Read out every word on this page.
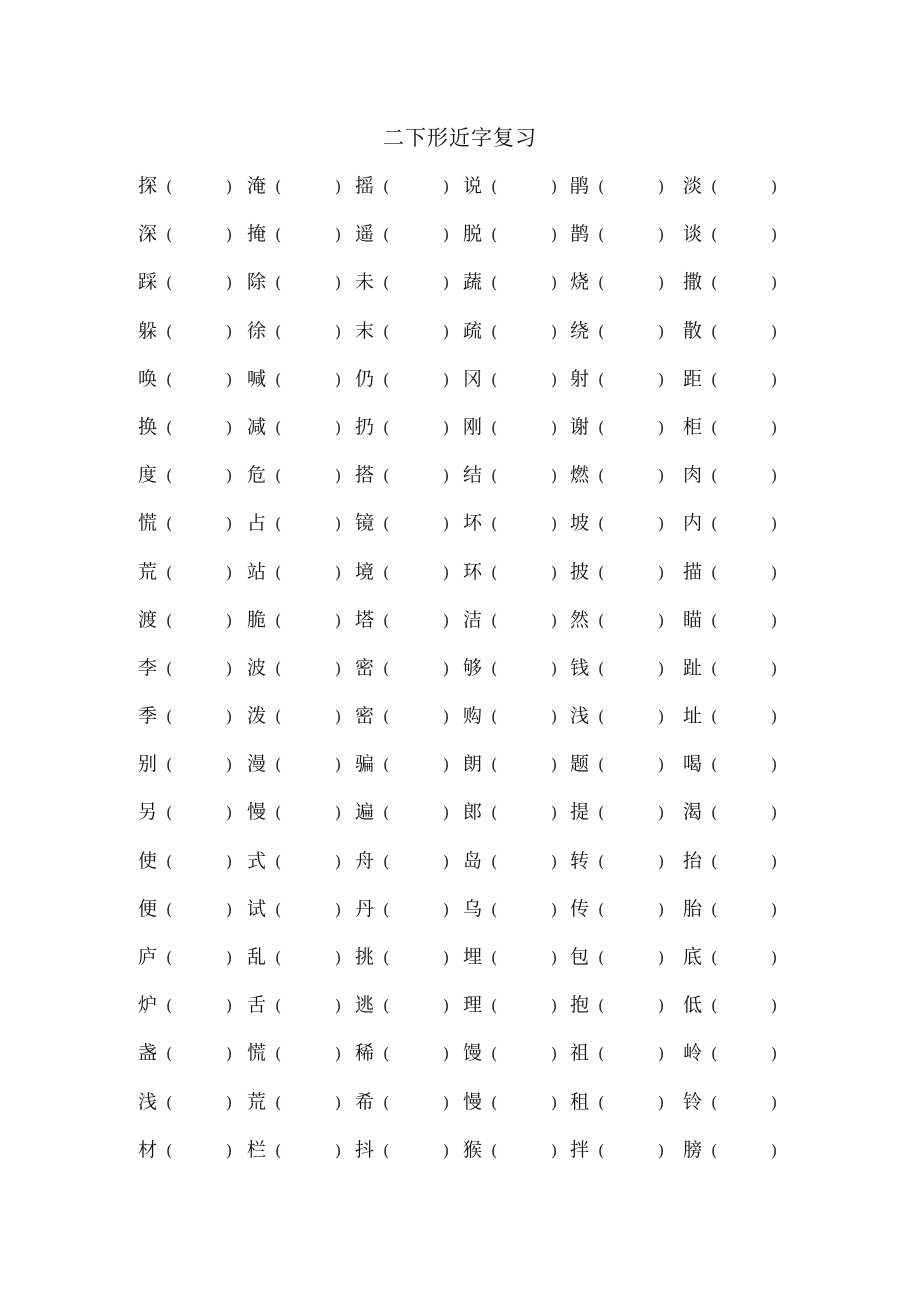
二下形近字复习
探 (	) 淹 (	) 摇 (	) 说 (	) 鹃 (	) 淡 (	)
深 (	) 掩 (	) 遥 (	) 脱 (	) 鹊 (	) 谈 (	)
踩 (	) 除 (	) 未 (	) 蔬 (	) 烧 (	) 撒 (	)
躲 (	) 徐 (	) 末 (	) 疏 (	) 绕 (	) 散 (	)
唤 (	) 喊 (	) 仍 (	) 冈 (	) 射 (	) 距 (	)
换 (	) 减 (	) 扔 (	) 刚 (	) 谢 (	) 柜 (	)
度 (	) 危 (	) 搭 (	) 结 (	) 燃 (	) 肉 (	)
慌 (	) 占 (	) 镜 (	) 坏 (	) 坡 (	) 内 (	)
荒 (	) 站 (	) 境 (	) 环 (	) 披 (	) 描 (	)
渡 (	) 脆 (	) 塔 (	) 洁 (	) 然 (	) 瞄 (	)
李 (	) 波 (	) 密 (	) 够 (	) 钱 (	) 趾 (	)
季 (	) 泼 (	) 密 (	) 购 (	) 浅 (	) 址 (	)
别 (	) 漫 (	) 骗 (	) 朗 (	) 题 (	) 喝 (	)
另 (	) 慢 (	) 遍 (	) 郎 (	) 提 (	) 渴 (	)
使 (	) 式 (	) 舟 (	) 岛 (	) 转 (	) 抬 (	)
便 (	) 试 (	) 丹 (	) 乌 (	) 传 (	) 胎 (	)
庐 (	) 乱 (	) 挑 (	) 埋 (	) 包 (	) 底 (	)
炉 (	) 舌 (	) 逃 (	) 理 (	) 抱 (	) 低 (	)
盏 (	) 慌 (	) 稀 (	) 馒 (	) 祖 (	) 岭 (	)
浅 (	) 荒 (	) 希 (	) 慢 (	) 租 (	) 铃 (	)
材 (	) 栏 (	) 抖 (	) 猴 (	) 拌 (	) 膀 (	)
